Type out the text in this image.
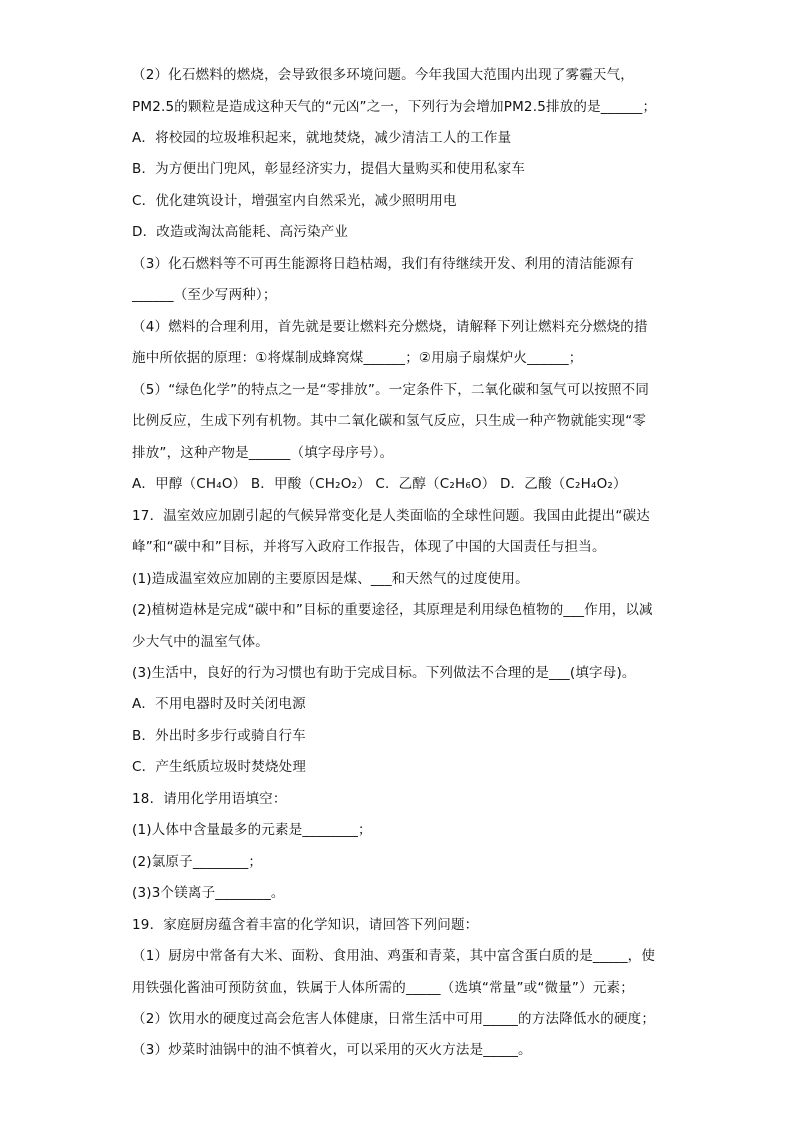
（2）化石燃料的燃烧，会导致很多环境问题。今年我国大范围内出现了雾霾天气，
PM2.5的颗粒是造成这种天气的“元凶”之一，下列行为会增加PM2.5排放的是______；
A．将校园的垃圾堆积起来，就地焚烧，减少清洁工人的工作量
B．为方便出门兜风，彰显经济实力，提倡大量购买和使用私家车
C．优化建筑设计，增强室内自然采光，减少照明用电
D．改造或淘汰高能耗、高污染产业
（3）化石燃料等不可再生能源将日趋枯竭，我们有待继续开发、利用的清洁能源有
______（至少写两种）；
（4）燃料的合理利用，首先就是要让燃料充分燃烧，请解释下列让燃料充分燃烧的措
施中所依据的原理：①将煤制成蜂窝煤______；②用扇子扇煤炉火______；
（5）“绿色化学”的特点之一是“零排放”。一定条件下，二氧化碳和氢气可以按照不同
比例反应，生成下列有机物。其中二氧化碳和氢气反应，只生成一种产物就能实现“零
排放”，这种产物是______（填字母序号）。
A．甲醇（CH₄O） B．甲酸（CH₂O₂） C．乙醇（C₂H₆O） D．乙酸（C₂H₄O₂）
17．温室效应加剧引起的气候异常变化是人类面临的全球性问题。我国由此提出“碳达
峰”和“碳中和”目标，并将写入政府工作报告，体现了中国的大国责任与担当。
(1)造成温室效应加剧的主要原因是煤、___和天然气的过度使用。
(2)植树造林是完成“碳中和”目标的重要途径，其原理是利用绿色植物的___作用，以减
少大气中的温室气体。
(3)生活中，良好的行为习惯也有助于完成目标。下列做法不合理的是___(填字母)。
A．不用电器时及时关闭电源
B．外出时多步行或骑自行车
C．产生纸质垃圾时焚烧处理
18．请用化学用语填空：
(1)人体中含量最多的元素是________；
(2)氯原子________；
(3)3个镁离子________。
19．家庭厨房蕴含着丰富的化学知识，请回答下列问题：
（1）厨房中常备有大米、面粉、食用油、鸡蛋和青菜，其中富含蛋白质的是_____，使
用铁强化酱油可预防贫血，铁属于人体所需的_____（选填“常量”或“微量”）元素；
（2）饮用水的硬度过高会危害人体健康，日常生活中可用_____的方法降低水的硬度；
（3）炒菜时油锅中的油不慎着火，可以采用的灭火方法是_____。
